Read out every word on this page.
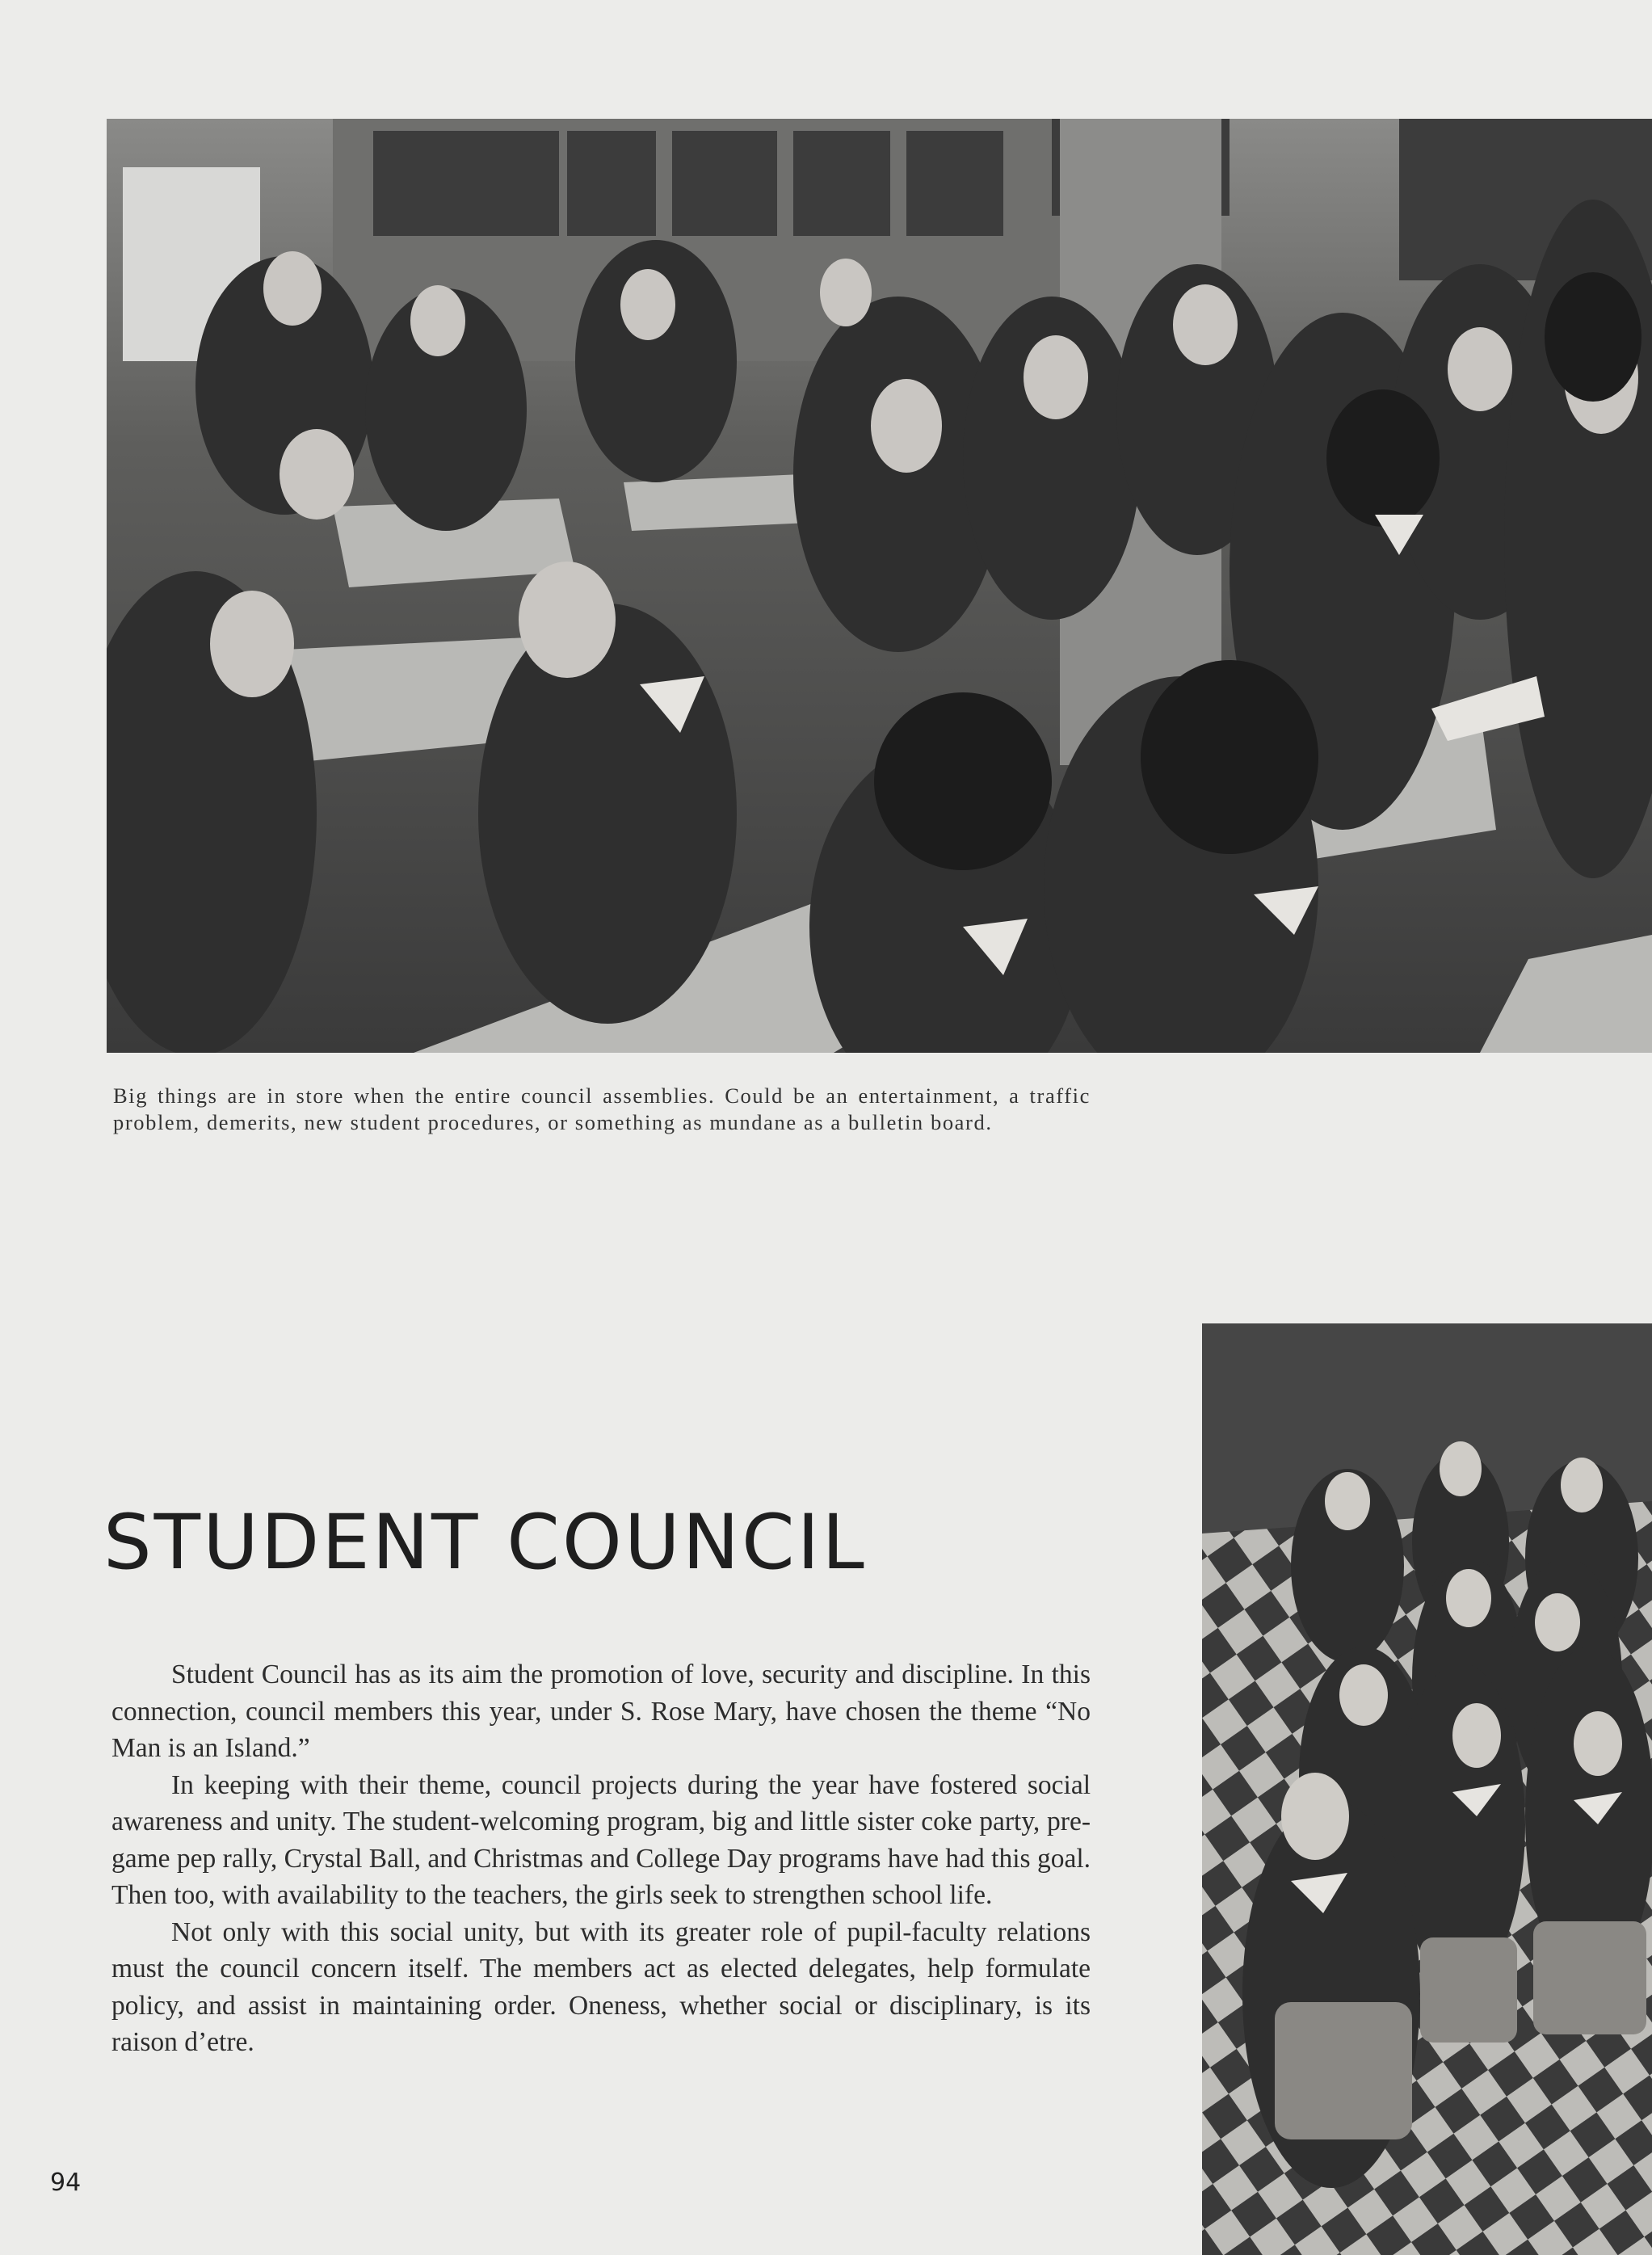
Big things are in store when the entire council assemblies. Could be an entertainment, a traffic problem, demerits, new student procedures, or something as mundane as a bulletin board.
STUDENT COUNCIL

Student Council has as its aim the promotion of love, security and discipline. In this connection, council members this year, under S. Rose Mary, have chosen the theme “No Man is an Island.”

In keeping with their theme, council projects during the year have fostered social awareness and unity. The student-welcoming program, big and little sister coke party, pre-game pep rally, Crystal Ball, and Christmas and College Day programs have had this goal. Then too, with availability to the teachers, the girls seek to strengthen school life.

Not only with this social unity, but with its greater role of pupil-faculty relations must the council concern itself. The members act as elected delegates, help formulate policy, and assist in maintaining order. Oneness, whether social or disciplinary, is its raison d’etre.

94
